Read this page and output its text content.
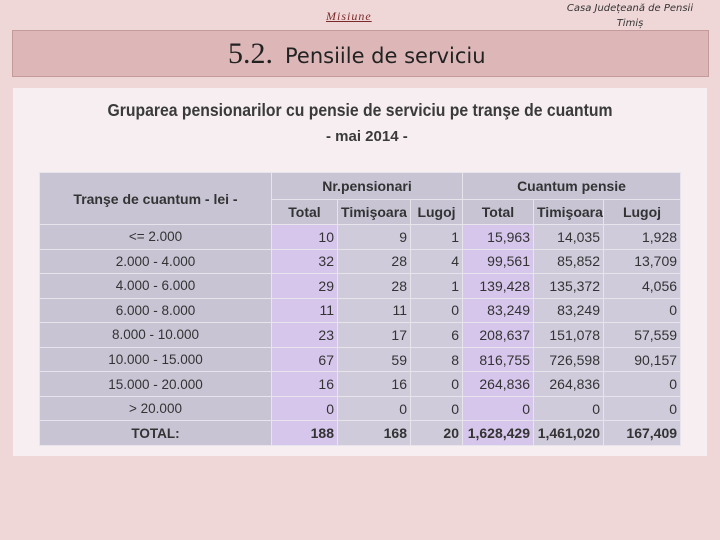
Misiune
Casa Județeană de Pensii
Timiș
5.2. Pensiile de serviciu
Gruparea pensionarilor cu pensie de serviciu pe tranşe de cuantum
- mai 2014 -
Tranşe de cuantum - lei -	Nr.pensionari			Cuantum pensie		
	Total	Timişoara	Lugoj	Total	Timişoara	Lugoj
<= 2.000	10	9	1	15,963	14,035	1,928
2.000 - 4.000	32	28	4	99,561	85,852	13,709
4.000 - 6.000	29	28	1	139,428	135,372	4,056
6.000 - 8.000	11	11	0	83,249	83,249	0
8.000 - 10.000	23	17	6	208,637	151,078	57,559
10.000 - 15.000	67	59	8	816,755	726,598	90,157
15.000 - 20.000	16	16	0	264,836	264,836	0
> 20.000	0	0	0	0	0	0
TOTAL:	188	168	20	1,628,429	1,461,020	167,409
